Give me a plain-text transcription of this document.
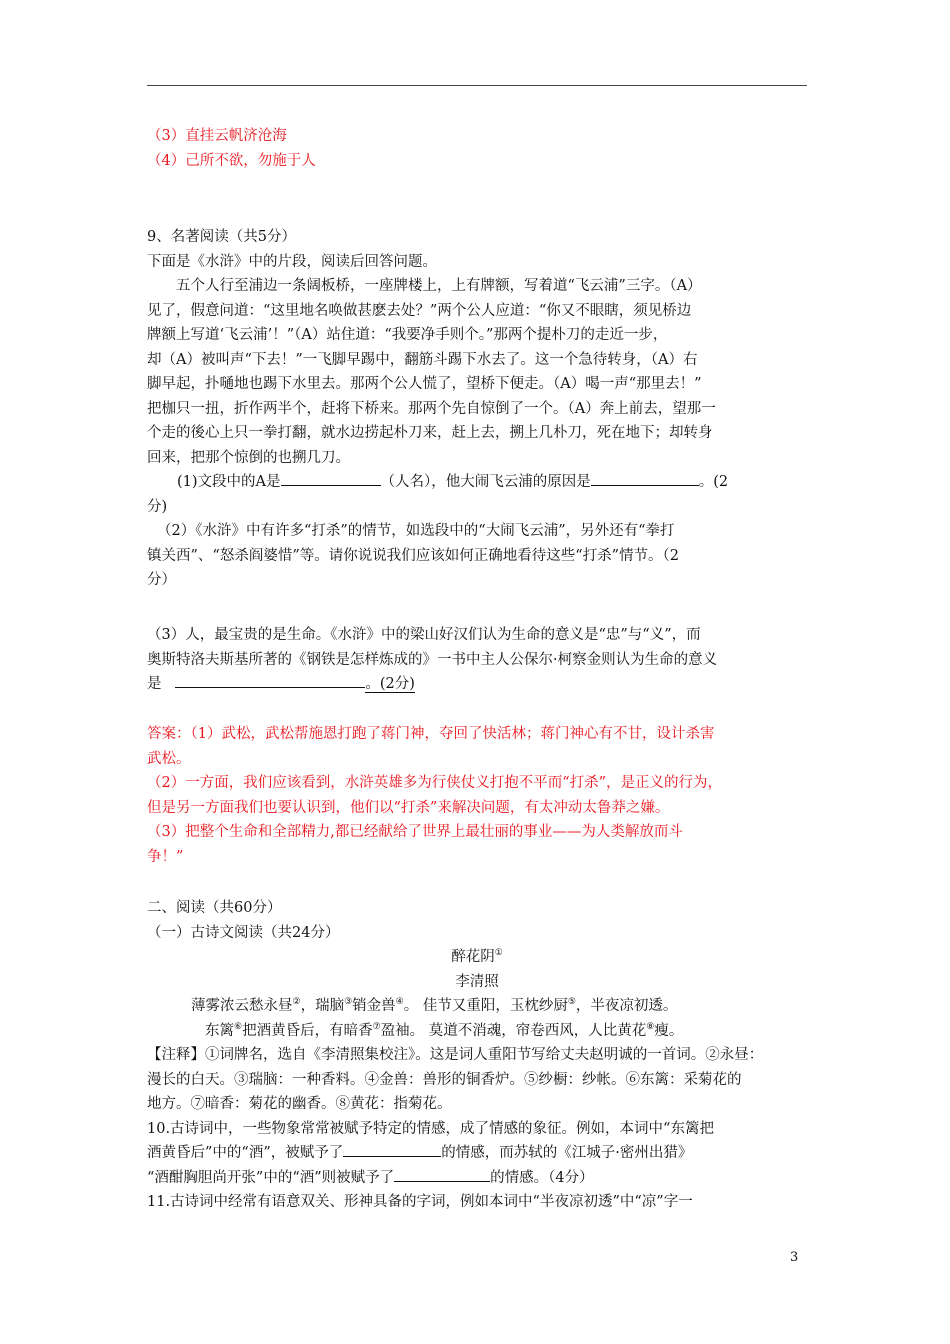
（3）直挂云帆济沧海
（4）己所不欲，勿施于人
9、名著阅读（共5分）
下面是《水浒》中的片段，阅读后回答问题。
五个人行至浦边一条阔板桥，一座牌楼上，上有牌额，写着道“飞云浦”三字。（A）
见了，假意问道：“这里地名唤做甚麽去处？”两个公人应道：“你又不眼瞎，须见桥边
牌额上写道‘飞云浦’！”（A）站住道：“我要净手则个。”那两个提朴刀的走近一步，
却（A）被叫声“下去！”一飞脚早踢中，翻筋斗踢下水去了。这一个急待转身，（A）右
脚早起，扑嗵地也踢下水里去。那两个公人慌了，望桥下便走。（A）喝一声“那里去！”
把枷只一扭，折作两半个，赶将下桥来。那两个先自惊倒了一个。（A）奔上前去，望那一
个走的後心上只一拳打翻，就水边捞起朴刀来，赶上去，搠上几朴刀，死在地下；却转身
回来，把那个惊倒的也搠几刀。
(1)文段中的A是	（人名），他大闹飞云浦的原因是	。(2
分)
（2）《水浒》中有许多“打杀”的情节，如选段中的“大闹飞云浦”，另外还有“拳打
镇关西”、“怒杀阎婆惜”等。请你说说我们应该如何正确地看待这些“打杀”情节。（2
分）
（3）人，最宝贵的是生命。《水浒》中的梁山好汉们认为生命的意义是“忠”与“义”，而
奥斯特洛夫斯基所著的《钢铁是怎样炼成的》一书中主人公保尔·柯察金则认为生命的意义
是	。(2分)
答案：（1）武松，武松帮施恩打跑了蒋门神，夺回了快活林；蒋门神心有不甘，设计杀害
武松。
（2）一方面，我们应该看到，水浒英雄多为行侠仗义打抱不平而“打杀”，是正义的行为，
但是另一方面我们也要认识到，他们以“打杀”来解决问题，有太冲动太鲁莽之嫌。
（3）把整个生命和全部精力,都已经献给了世界上最壮丽的事业——为人类解放而斗
争！”
二、阅读（共60分）
（一）古诗文阅读（共24分）
醉花阴①
李清照
薄雾浓云愁永昼②，瑞脑③销金兽④。 佳节又重阳，玉枕纱厨⑤，半夜凉初透。
东篱⑥把酒黄昏后，有暗香⑦盈袖。 莫道不消魂，帘卷西风，人比黄花⑧瘦。
【注释】①词牌名，选自《李清照集校注》。这是词人重阳节写给丈夫赵明诚的一首词。②永昼：
漫长的白天。③瑞脑：一种香料。④金兽：兽形的铜香炉。⑤纱橱：纱帐。⑥东篱：采菊花的
地方。⑦暗香：菊花的幽香。⑧黄花：指菊花。
10.古诗词中，一些物象常常被赋予特定的情感，成了情感的象征。例如，本词中“东篱把
酒黄昏后”中的“酒”，被赋予了	的情感，而苏轼的《江城子·密州出猎》
“酒酣胸胆尚开张”中的“酒”则被赋予了	的情感。（4分）
11.古诗词中经常有语意双关、形神具备的字词，例如本词中“半夜凉初透”中“凉”字一
3
